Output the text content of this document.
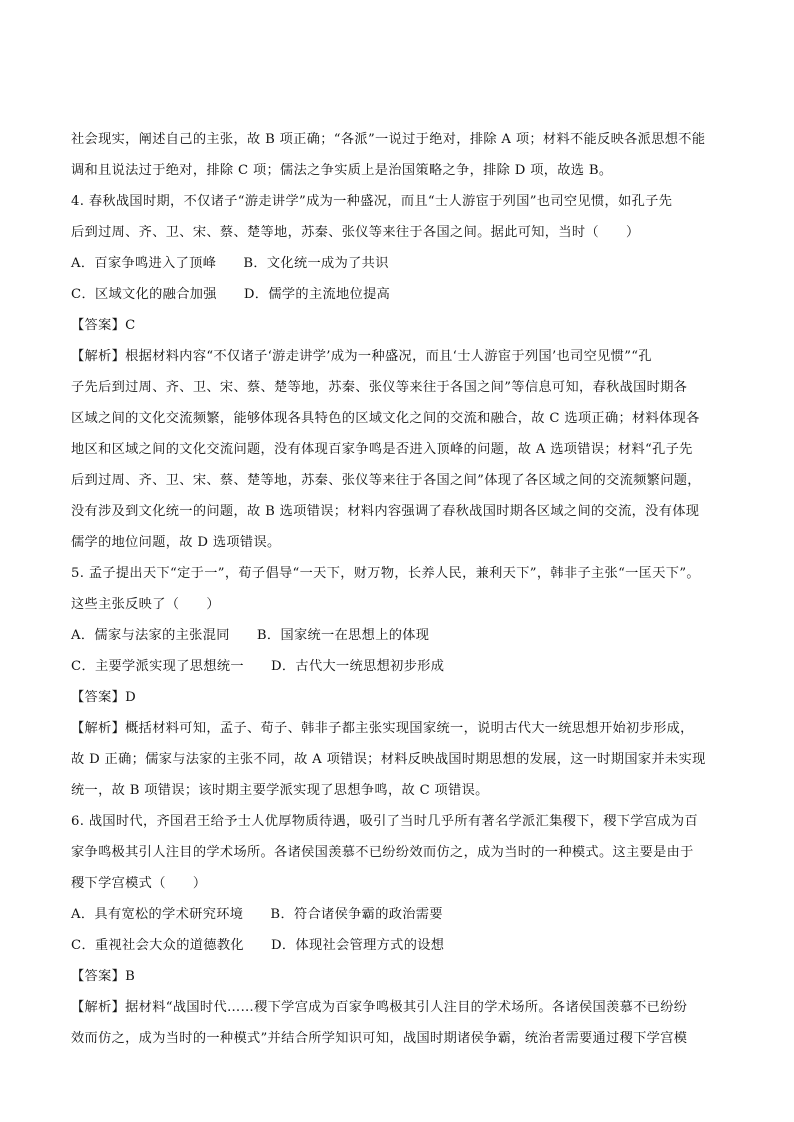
社会现实，阐述自己的主张，故 B 项正确；“各派”一说过于绝对，排除 A 项；材料不能反映各派思想不能
调和且说法过于绝对，排除 C 项；儒法之争实质上是治国策略之争，排除 D 项，故选 B。
4. 春秋战国时期，不仅诸子“游走讲学”成为一种盛况，而且“士人游宦于列国”也司空见惯，如孔子先
后到过周、齐、卫、宋、蔡、楚等地，苏秦、张仪等来往于各国之间。据此可知，当时（　　）
A．百家争鸣进入了顶峰　　B．文化统一成为了共识
C．区域文化的融合加强　　D．儒学的主流地位提高
【答案】C
【解析】根据材料内容“不仅诸子‘游走讲学’成为一种盛况，而且‘士人游宦于列国’也司空见惯”“孔
子先后到过周、齐、卫、宋、蔡、楚等地，苏秦、张仪等来往于各国之间”等信息可知，春秋战国时期各
区域之间的文化交流频繁，能够体现各具特色的区域文化之间的交流和融合，故 C 选项正确；材料体现各
地区和区域之间的文化交流问题，没有体现百家争鸣是否进入顶峰的问题，故 A 选项错误；材料“孔子先
后到过周、齐、卫、宋、蔡、楚等地，苏秦、张仪等来往于各国之间”体现了各区域之间的交流频繁问题，
没有涉及到文化统一的问题，故 B 选项错误；材料内容强调了春秋战国时期各区域之间的交流，没有体现
儒学的地位问题，故 D 选项错误。
5. 孟子提出天下“定于一”，荀子倡导“一天下，财万物，长养人民，兼利天下”，韩非子主张“一匡天下”。
这些主张反映了（　　）
A．儒家与法家的主张混同　　B．国家统一在思想上的体现
C．主要学派实现了思想统一　　D．古代大一统思想初步形成
【答案】D
【解析】概括材料可知，孟子、荀子、韩非子都主张实现国家统一，说明古代大一统思想开始初步形成，
故 D 正确；儒家与法家的主张不同，故 A 项错误；材料反映战国时期思想的发展，这一时期国家并未实现
统一，故 B 项错误；该时期主要学派实现了思想争鸣，故 C 项错误。
6. 战国时代，齐国君王给予士人优厚物质待遇，吸引了当时几乎所有著名学派汇集稷下，稷下学宫成为百
家争鸣极其引人注目的学术场所。各诸侯国羡慕不已纷纷效而仿之，成为当时的一种模式。这主要是由于
稷下学宫模式（　　）
A．具有宽松的学术研究环境　　B．符合诸侯争霸的政治需要
C．重视社会大众的道德教化　　D．体现社会管理方式的设想
【答案】B
【解析】据材料“战国时代……稷下学宫成为百家争鸣极其引人注目的学术场所。各诸侯国羡慕不已纷纷
效而仿之，成为当时的一种模式”并结合所学知识可知，战国时期诸侯争霸，统治者需要通过稷下学宫模
